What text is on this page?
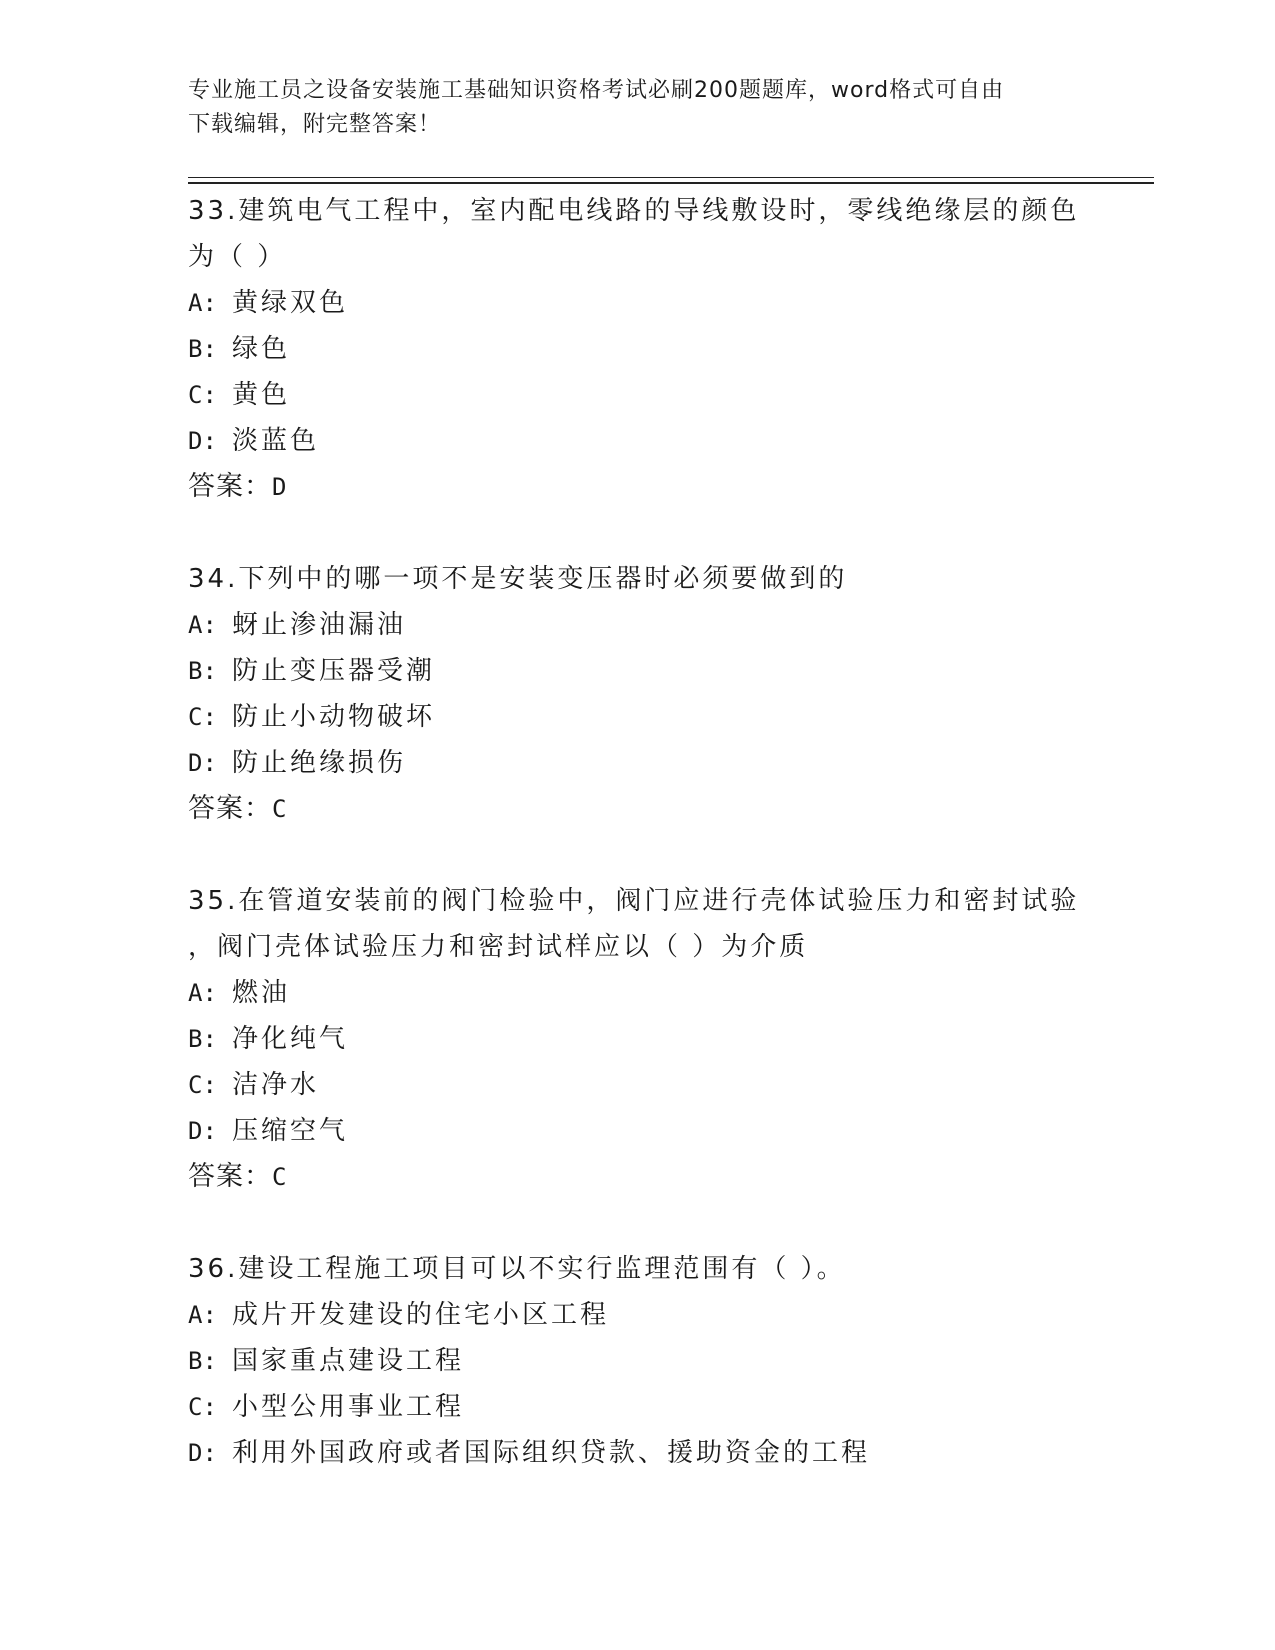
专业施工员之设备安装施工基础知识资格考试必刷200题题库，word格式可自由
下载编辑，附完整答案！

33.建筑电气工程中，室内配电线路的导线敷设时，零线绝缘层的颜色
为（ ）

A: 黄绿双色

B: 绿色

C: 黄色

D: 淡蓝色

答案：D

34.下列中的哪一项不是安装变压器时必须要做到的

A: 蚜止渗油漏油

B: 防止变压器受潮

C: 防止小动物破坏

D: 防止绝缘损伤

答案：C

35.在管道安装前的阀门检验中，阀门应进行壳体试验压力和密封试验
，阀门壳体试验压力和密封试样应以（ ）为介质

A: 燃油

B: 净化纯气

C: 洁净水

D: 压缩空气

答案：C

36.建设工程施工项目可以不实行监理范围有（ ）。

A: 成片开发建设的住宅小区工程

B: 国家重点建设工程

C: 小型公用事业工程

D: 利用外国政府或者国际组织贷款、援助资金的工程
